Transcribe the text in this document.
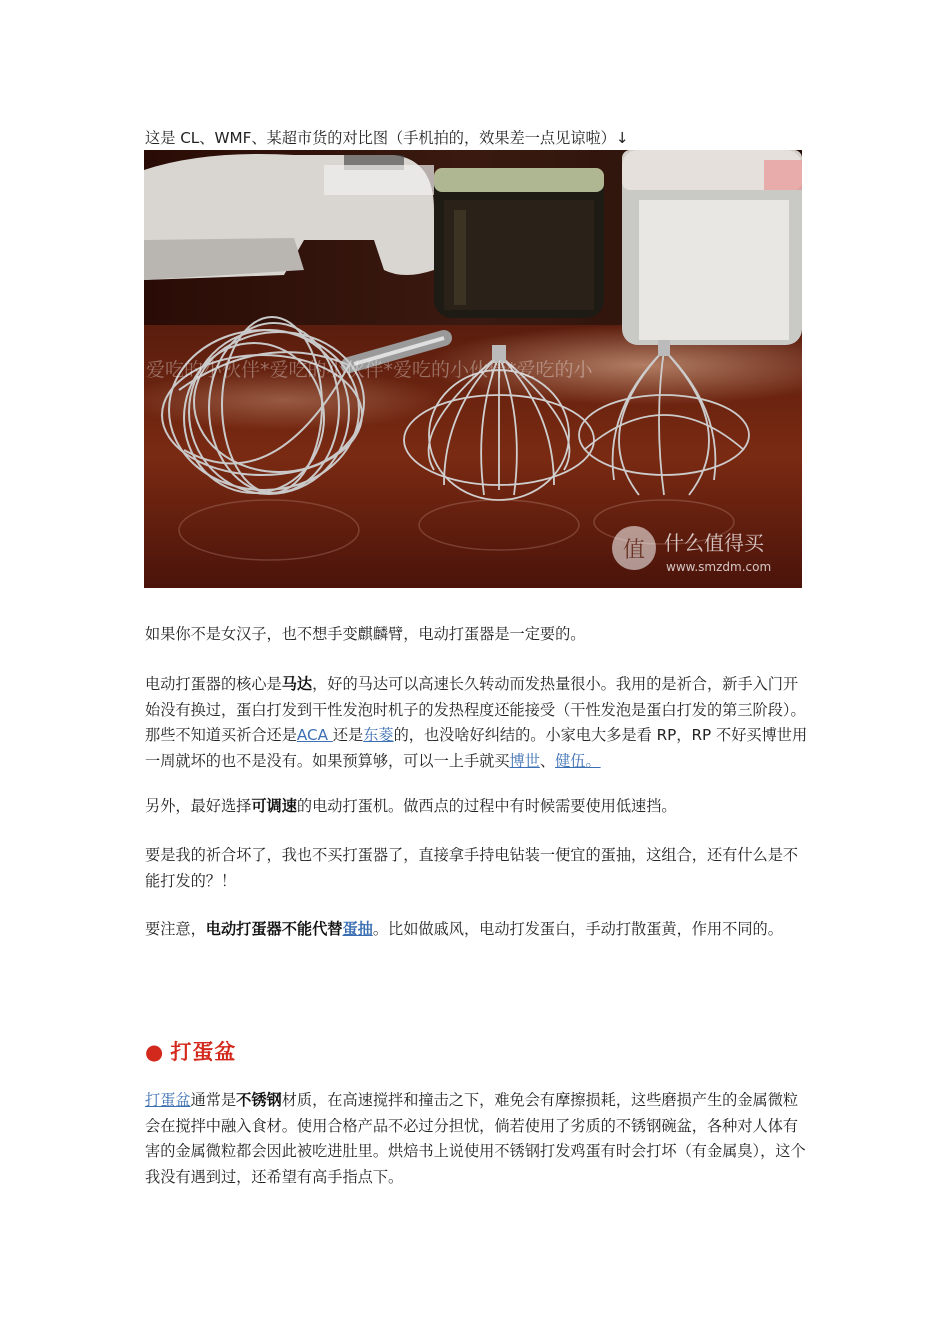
这是 CL、WMF、某超市货的对比图（手机拍的，效果差一点见谅啦）↓

爱吃的小伙伴*爱吃的小伙伴*爱吃的小伙伴*爱吃的小
值 什么值得买
www.smzdm.com

如果你不是女汉子，也不想手变麒麟臂，电动打蛋器是一定要的。

电动打蛋器的核心是马达，好的马达可以高速长久转动而发热量很小。我用的是祈合，新手入门开始没有换过，蛋白打发到干性发泡时机子的发热程度还能接受（干性发泡是蛋白打发的第三阶段）。那些不知道买祈合还是ACA 还是东菱的，也没啥好纠结的。小家电大多是看 RP，RP 不好买博世用一周就坏的也不是没有。如果预算够，可以一上手就买博世、健伍。

另外，最好选择可调速的电动打蛋机。做西点的过程中有时候需要使用低速挡。

要是我的祈合坏了，我也不买打蛋器了，直接拿手持电钻装一便宜的蛋抽，这组合，还有什么是不能打发的？！

要注意，电动打蛋器不能代替蛋抽。比如做戚风，电动打发蛋白，手动打散蛋黄，作用不同的。

● 打蛋盆

打蛋盆通常是不锈钢材质，在高速搅拌和撞击之下，难免会有摩擦损耗，这些磨损产生的金属微粒会在搅拌中融入食材。使用合格产品不必过分担忧，倘若使用了劣质的不锈钢碗盆，各种对人体有害的金属微粒都会因此被吃进肚里。烘焙书上说使用不锈钢打发鸡蛋有时会打坏（有金属臭），这个我没有遇到过，还希望有高手指点下。
